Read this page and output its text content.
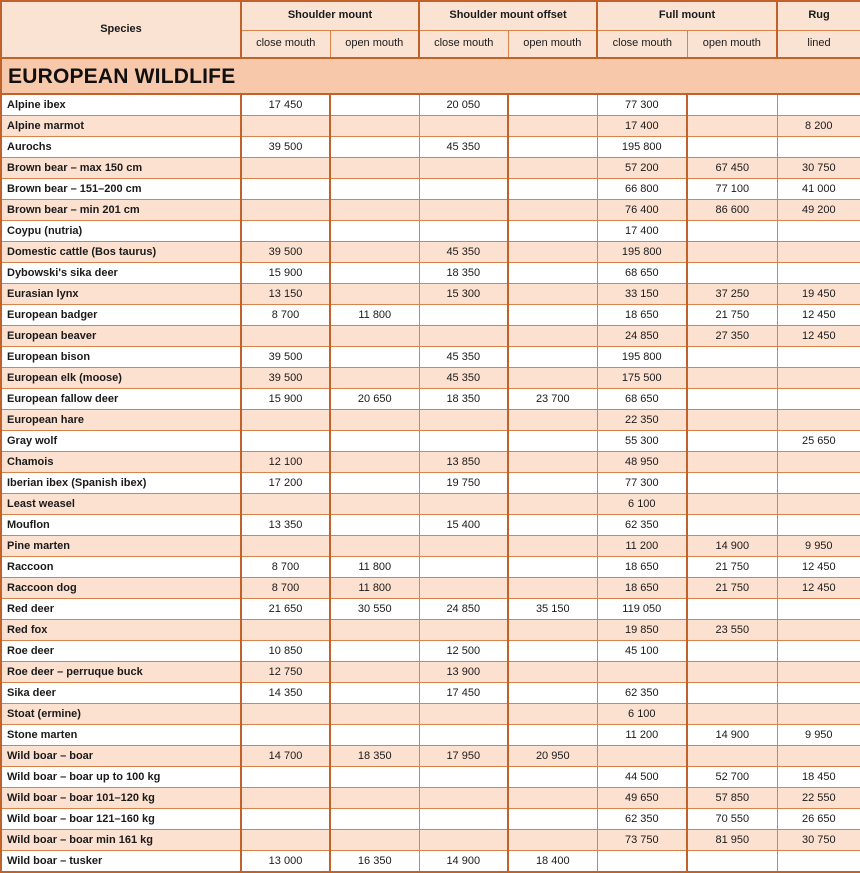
Species	Shoulder mount		Shoulder mount offset		Full mount		Rug
	close mouth	open mouth	close mouth	open mouth	close mouth	open mouth	lined

EUROPEAN WILDLIFE							

Alpine ibex	17 450		20 050		77 300		
Alpine marmot					17 400		8 200
Aurochs	39 500		45 350		195 800		
Brown bear – max 150 cm					57 200	67 450	30 750
Brown bear – 151–200 cm					66 800	77 100	41 000
Brown bear – min 201 cm					76 400	86 600	49 200
Coypu (nutria)					17 400		
Domestic cattle (Bos taurus)	39 500		45 350		195 800		
Dybowski's sika deer	15 900		18 350		68 650		
Eurasian lynx	13 150		15 300		33 150	37 250	19 450
European badger	8 700	11 800			18 650	21 750	12 450
European beaver					24 850	27 350	12 450
European bison	39 500		45 350		195 800		
European elk (moose)	39 500		45 350		175 500		
European fallow deer	15 900	20 650	18 350	23 700	68 650		
European hare					22 350		
Gray wolf					55 300		25 650
Chamois	12 100		13 850		48 950		
Iberian ibex (Spanish ibex)	17 200		19 750		77 300		
Least weasel					6 100		
Mouflon	13 350		15 400		62 350		
Pine marten					11 200	14 900	9 950
Raccoon	8 700	11 800			18 650	21 750	12 450
Raccoon dog	8 700	11 800			18 650	21 750	12 450
Red deer	21 650	30 550	24 850	35 150	119 050		
Red fox					19 850	23 550	
Roe deer	10 850		12 500		45 100		
Roe deer – perruque buck	12 750		13 900				
Sika deer	14 350		17 450		62 350		
Stoat (ermine)					6 100		
Stone marten					11 200	14 900	9 950
Wild boar – boar	14 700	18 350	17 950	20 950			
Wild boar – boar up to 100 kg					44 500	52 700	18 450
Wild boar – boar 101–120 kg					49 650	57 850	22 550
Wild boar – boar 121–160 kg					62 350	70 550	26 650
Wild boar – boar min 161 kg					73 750	81 950	30 750
Wild boar – tusker	13 000	16 350	14 900	18 400			
